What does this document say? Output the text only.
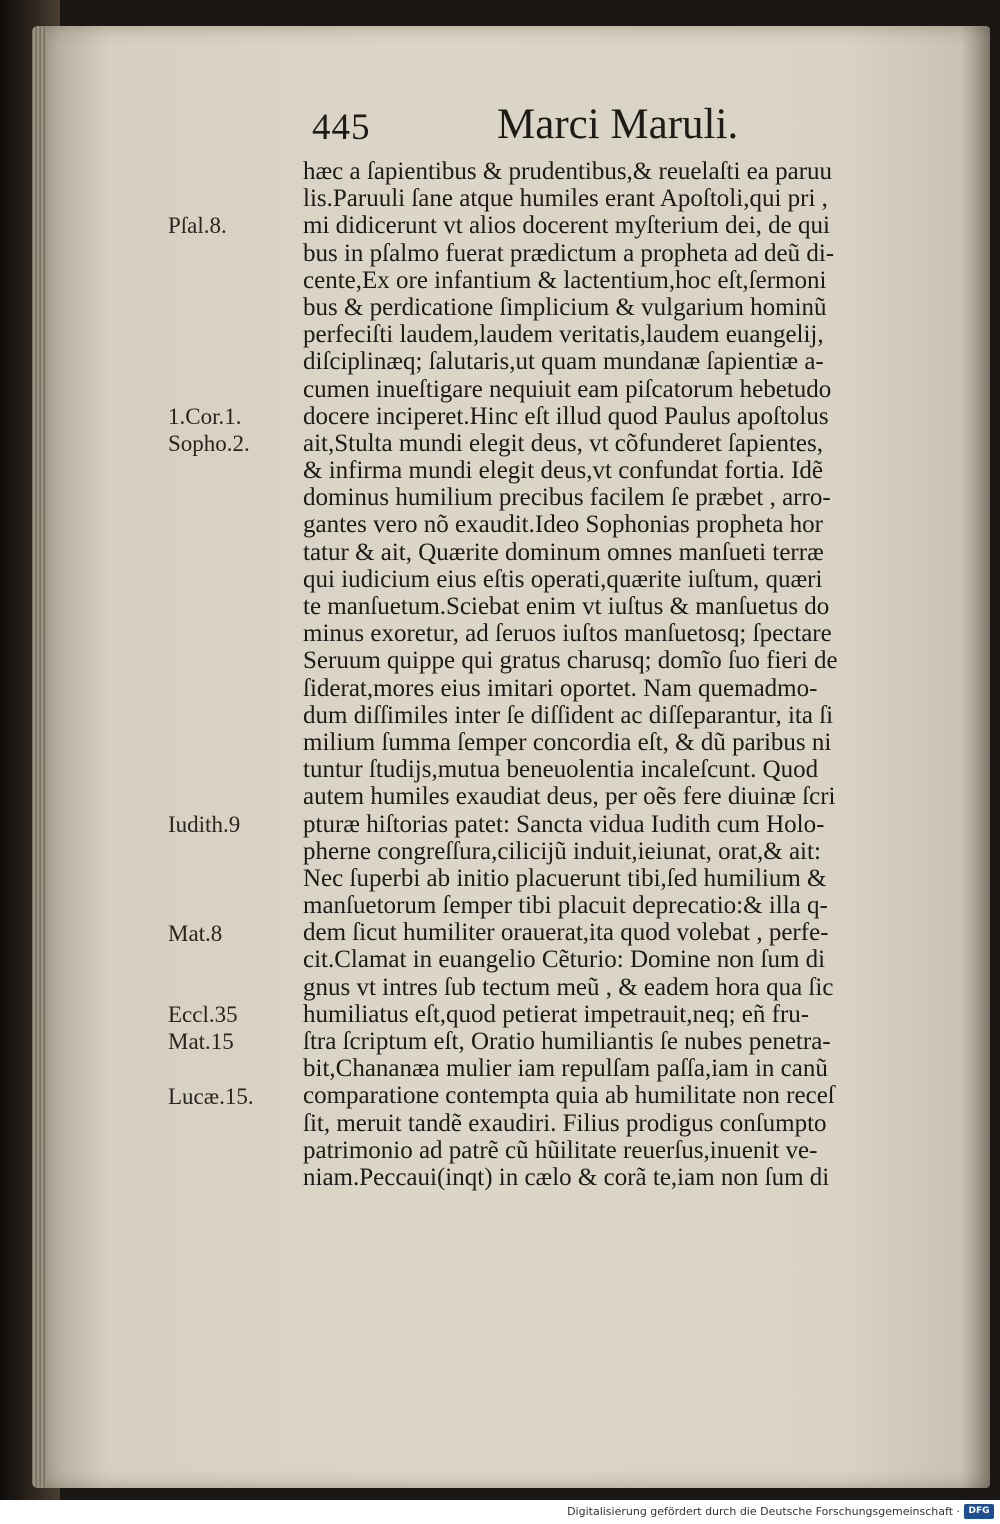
445	Marci Maruli.
hæc a ſapientibus & prudentibus,& reuelaſti ea paruu
lis.Paruuli ſane atque humiles erant Apoſtoli,qui pri ,
mi didicerunt vt alios docerent myſterium dei, de qui
bus in pſalmo fuerat prædictum a propheta ad deũ di-
cente,Ex ore infantium & lactentium,hoc eſt,ſermoni
bus & perdicatione ſimplicium & vulgarium hominũ
perfeciſti laudem,laudem veritatis,laudem euangelij,
diſciplinæq; ſalutaris,ut quam mundanæ ſapientiæ a-
cumen inueſtigare nequiuit eam piſcatorum hebetudo
docere inciperet.Hinc eſt illud quod Paulus apoſtolus
ait,Stulta mundi elegit deus, vt cõfunderet ſapientes,
& infirma mundi elegit deus,vt confundat fortia. Idẽ
dominus humilium precibus facilem ſe præbet , arro-
gantes vero nõ exaudit.Ideo Sophonias propheta hor
tatur & ait, Quærite dominum omnes manſueti terræ
qui iudicium eius eſtis operati,quærite iuſtum, quæri
te manſuetum.Sciebat enim vt iuſtus & manſuetus do
minus exoretur, ad ſeruos iuſtos manſuetosq; ſpectare
Seruum quippe qui gratus charusq; domĩo ſuo fieri de
ſiderat,mores eius imitari oportet. Nam quemadmo-
dum diſſimiles inter ſe diſſident ac diſſeparantur, ita ſi
milium ſumma ſemper concordia eſt, & dũ paribus ni
tuntur ſtudijs,mutua beneuolentia incaleſcunt. Quod
autem humiles exaudiat deus, per oẽs fere diuinæ ſcri
pturæ hiſtorias patet: Sancta vidua Iudith cum Holo-
pherne congreſſura,cilicijũ induit,ieiunat, orat,& ait:
Nec ſuperbi ab initio placuerunt tibi,ſed humilium &
manſuetorum ſemper tibi placuit deprecatio:& illa q-
dem ſicut humiliter orauerat,ita quod volebat , perfe-
cit.Clamat in euangelio Cẽturio: Domine non ſum di
gnus vt intres ſub tectum meũ , & eadem hora qua ſic
humiliatus eſt,quod petierat impetrauit,neq; eñ fru-
ſtra ſcriptum eſt, Oratio humiliantis ſe nubes penetra-
bit,Chananæa mulier iam repulſam paſſa,iam in canũ
comparatione contempta quia ab humilitate non receſ
ſit, meruit tandẽ exaudiri. Filius prodigus conſumpto
patrimonio ad patrẽ cũ hũilitate reuerſus,inuenit ve-
niam.Peccaui(inqt) in cælo & corã te,iam non ſum di
Pſal.8.
1.Cor.1.
Sopho.2.
Iudith.9
Mat.8
Eccl.35
Mat.15
Lucæ.15.
Digitalisierung gefördert durch die Deutsche Forschungsgemeinschaft · DFG
